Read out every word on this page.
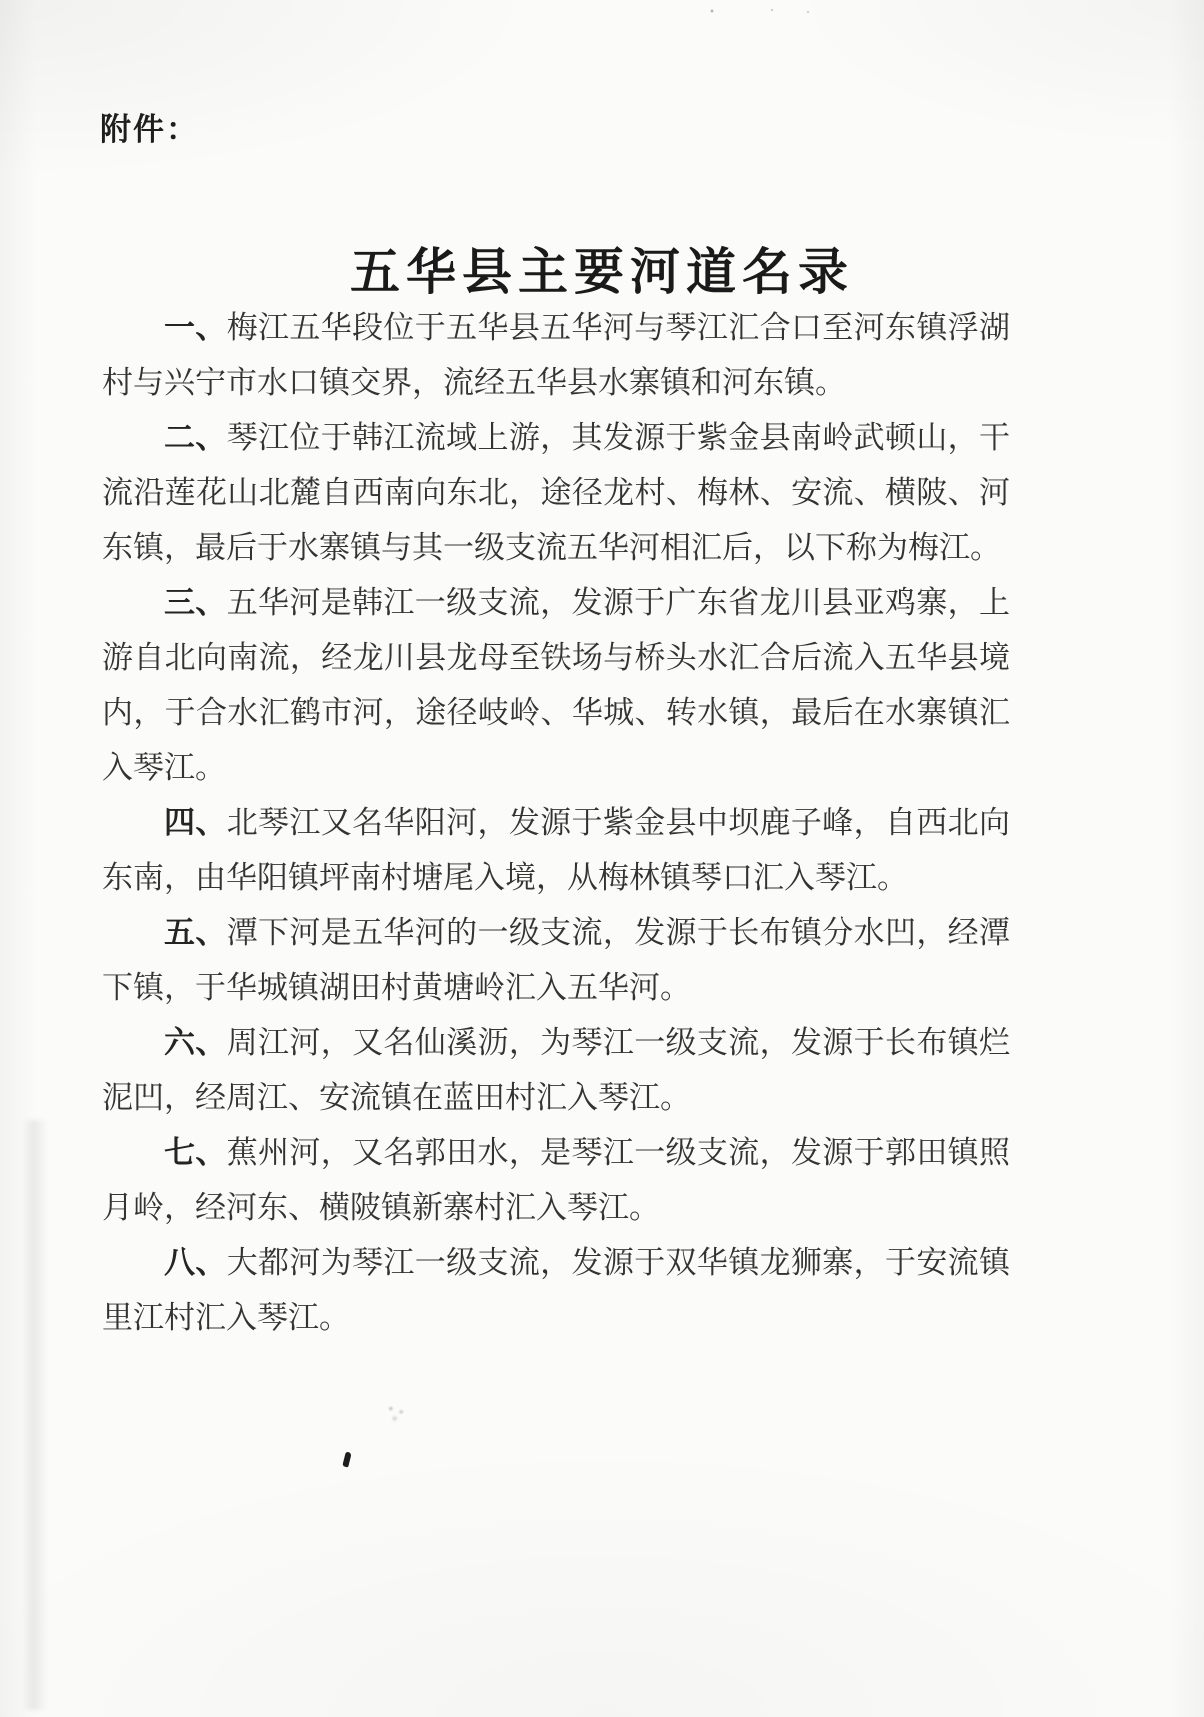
附件：
五华县主要河道名录

一、梅江五华段位于五华县五华河与琴江汇合口至河东镇浮湖村与兴宁市水口镇交界，流经五华县水寨镇和河东镇。

二、琴江位于韩江流域上游，其发源于紫金县南岭武顿山，干流沿莲花山北麓自西南向东北，途径龙村、梅林、安流、横陂、河东镇，最后于水寨镇与其一级支流五华河相汇后，以下称为梅江。

三、五华河是韩江一级支流，发源于广东省龙川县亚鸡寨，上游自北向南流，经龙川县龙母至铁场与桥头水汇合后流入五华县境内，于合水汇鹤市河，途径岐岭、华城、转水镇，最后在水寨镇汇入琴江。

四、北琴江又名华阳河，发源于紫金县中坝鹿子峰，自西北向东南，由华阳镇坪南村塘尾入境，从梅林镇琴口汇入琴江。

五、潭下河是五华河的一级支流，发源于长布镇分水凹，经潭下镇，于华城镇湖田村黄塘岭汇入五华河。

六、周江河，又名仙溪沥，为琴江一级支流，发源于长布镇烂泥凹，经周江、安流镇在蓝田村汇入琴江。

七、蕉州河，又名郭田水，是琴江一级支流，发源于郭田镇照月岭，经河东、横陂镇新寨村汇入琴江。

八、大都河为琴江一级支流，发源于双华镇龙狮寨，于安流镇里江村汇入琴江。
